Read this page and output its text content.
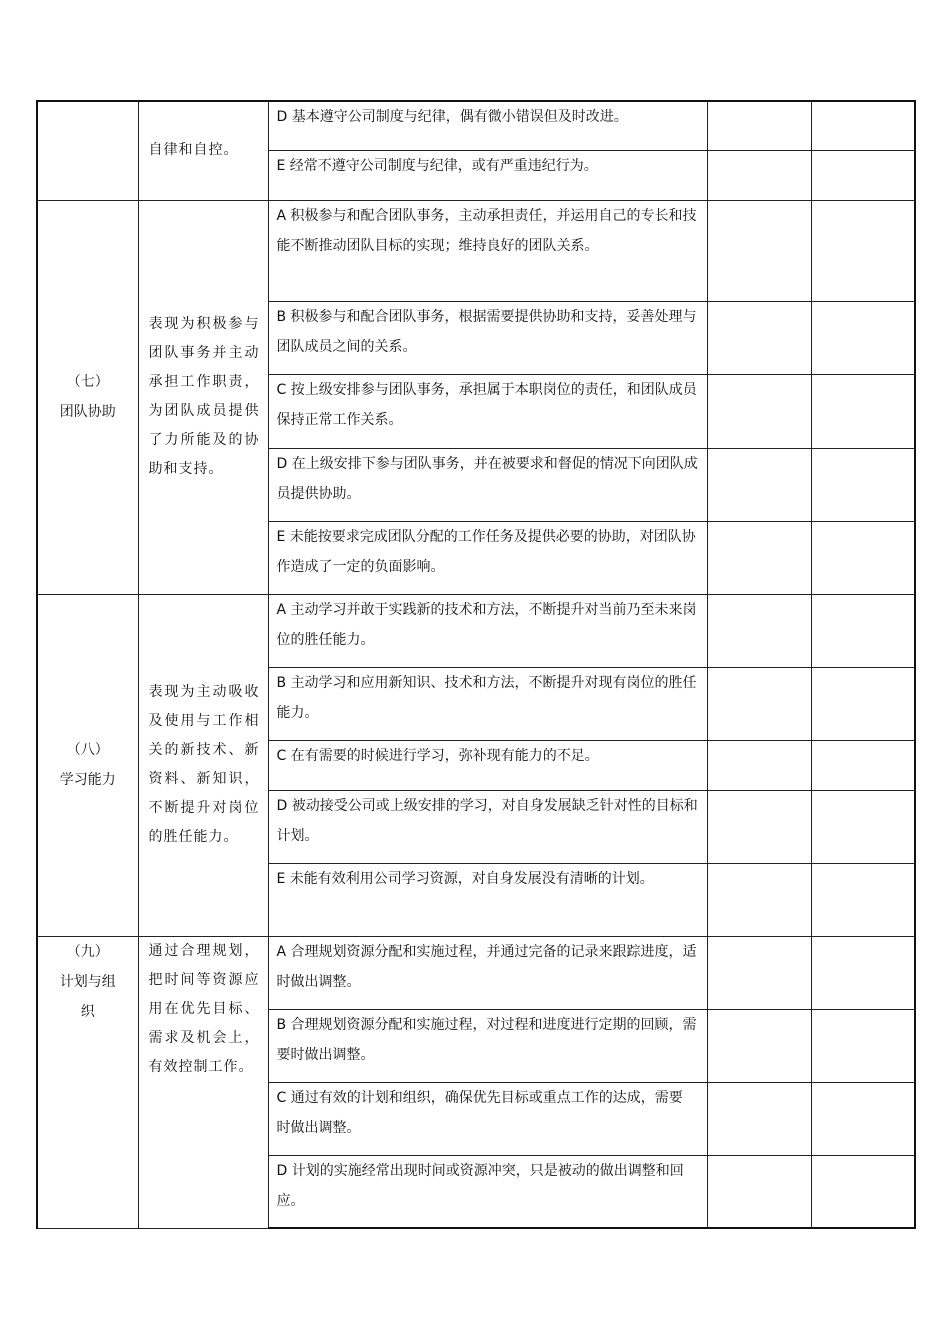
	自律和自控。	D 基本遵守公司制度与纪律，偶有微小错误但及时改进。		
		E 经常不遵守公司制度与纪律，或有严重违纪行为。		

（七）
团队协助	表现为积极参与团队事务并主动承担工作职责，为团队成员提供了力所能及的协助和支持。	A 积极参与和配合团队事务，主动承担责任，并运用自己的专长和技能不断推动团队目标的实现；维持良好的团队关系。		
		B 积极参与和配合团队事务，根据需要提供协助和支持，妥善处理与团队成员之间的关系。		
		C 按上级安排参与团队事务，承担属于本职岗位的责任，和团队成员保持正常工作关系。		
		D 在上级安排下参与团队事务，并在被要求和督促的情况下向团队成员提供协助。		
		E 未能按要求完成团队分配的工作任务及提供必要的协助，对团队协作造成了一定的负面影响。		

（八）
学习能力	表现为主动吸收及使用与工作相关的新技术、新资料、新知识，不断提升对岗位的胜任能力。	A 主动学习并敢于实践新的技术和方法，不断提升对当前乃至未来岗位的胜任能力。		
		B 主动学习和应用新知识、技术和方法，不断提升对现有岗位的胜任能力。		
		C 在有需要的时候进行学习，弥补现有能力的不足。		
		D 被动接受公司或上级安排的学习，对自身发展缺乏针对性的目标和计划。		
		E 未能有效利用公司学习资源，对自身发展没有清晰的计划。		

（九）
计划与组织	通过合理规划，把时间等资源应用在优先目标、需求及机会上，有效控制工作。	A 合理规划资源分配和实施过程，并通过完备的记录来跟踪进度，适时做出调整。		
		B 合理规划资源分配和实施过程，对过程和进度进行定期的回顾，需要时做出调整。		
		C 通过有效的计划和组织，确保优先目标或重点工作的达成，需要　时做出调整。		
		D 计划的实施经常出现时间或资源冲突，只是被动的做出调整和回应。		
